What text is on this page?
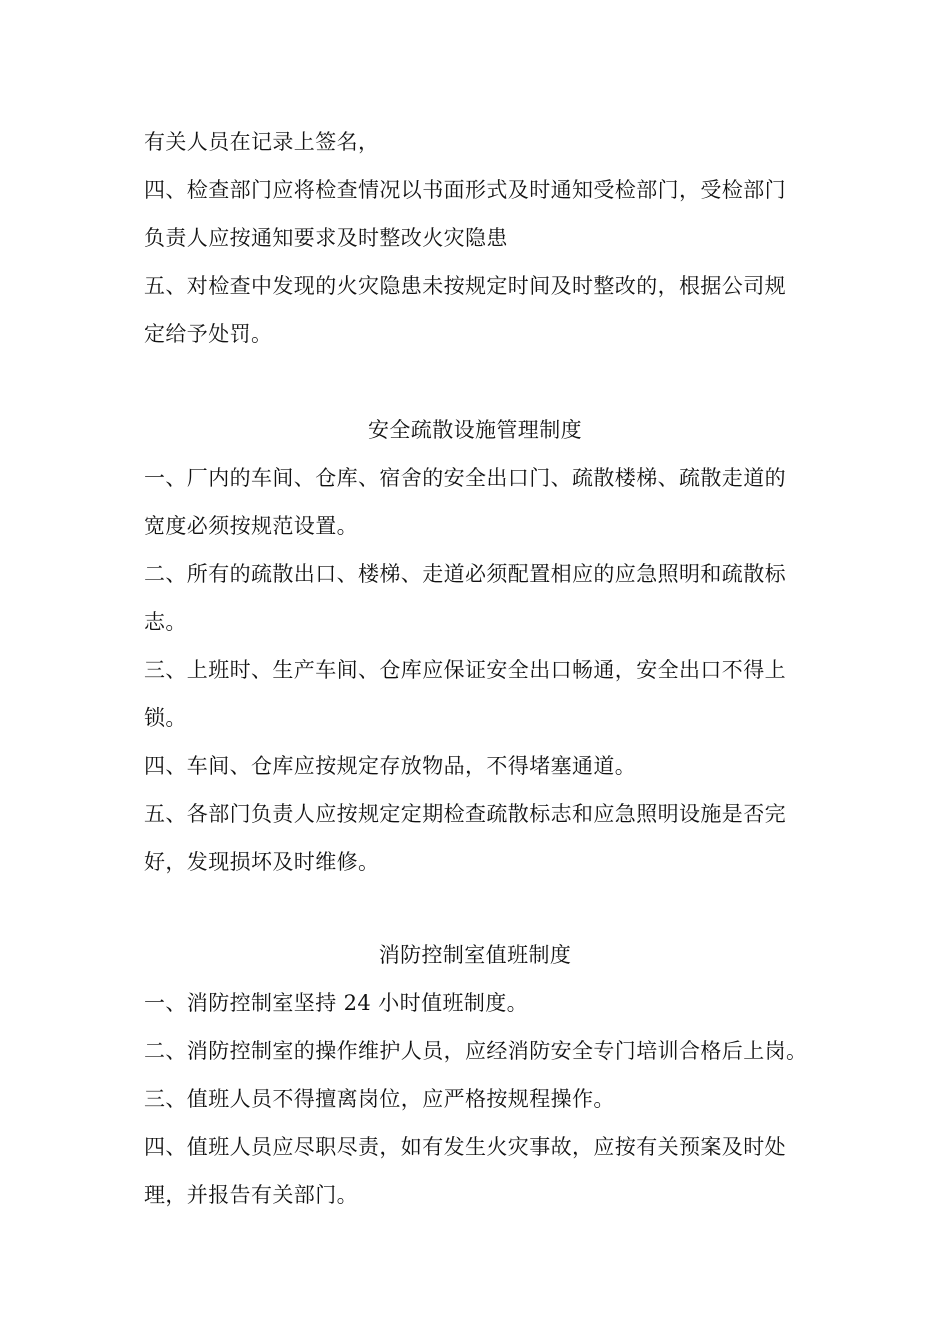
有关人员在记录上签名，
四、检查部门应将检查情况以书面形式及时通知受检部门，受检部门
负责人应按通知要求及时整改火灾隐患
五、对检查中发现的火灾隐患未按规定时间及时整改的，根据公司规
定给予处罚。
安全疏散设施管理制度
一、厂内的车间、仓库、宿舍的安全出口门、疏散楼梯、疏散走道的
宽度必须按规范设置。
二、所有的疏散出口、楼梯、走道必须配置相应的应急照明和疏散标
志。
三、上班时、生产车间、仓库应保证安全出口畅通，安全出口不得上
锁。
四、车间、仓库应按规定存放物品，不得堵塞通道。
五、各部门负责人应按规定定期检查疏散标志和应急照明设施是否完
好，发现损坏及时维修。
消防控制室值班制度
一、消防控制室坚持 24 小时值班制度。
二、消防控制室的操作维护人员，应经消防安全专门培训合格后上岗。
三、值班人员不得擅离岗位，应严格按规程操作。
四、值班人员应尽职尽责，如有发生火灾事故，应按有关预案及时处
理，并报告有关部门。
